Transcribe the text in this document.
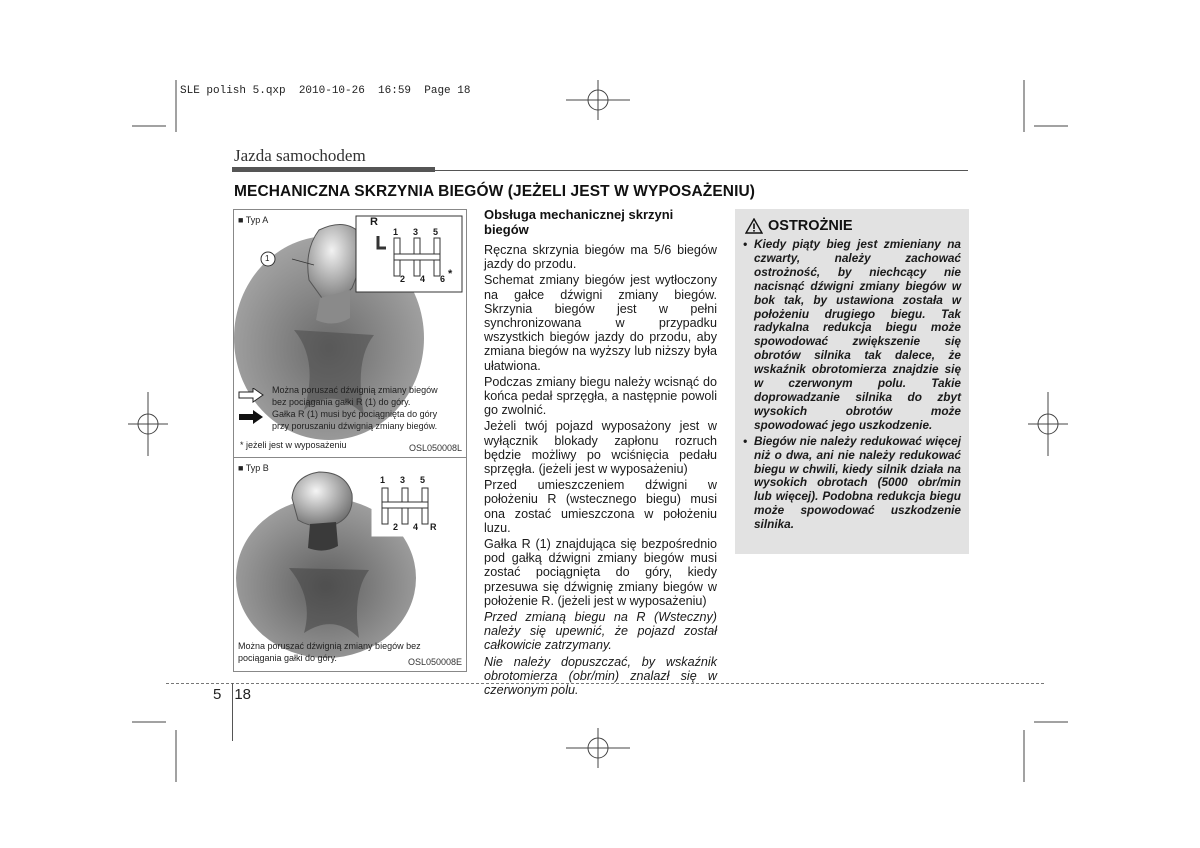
SLE polish 5.qxp  2010-10-26  16:59  Page 18
Jazda samochodem
MECHANICZNA SKRZYNIA BIEGÓW (JEŻELI JEST W WYPOSAŻENIU)
■ Typ A
1
R
1 3 5
2 4 6 *
Można poruszać dźwignią zmiany biegów
bez pociągania gałki R (1) do góry.
Gałka R (1) musi być pociągnięta do góry
przy poruszaniu dźwignią zmiany biegów.
* jeżeli jest w wyposażeniu	OSL050008L
■ Typ B
1 3 5
2 4 R
Można poruszać dźwignią zmiany biegów bez
pociągania gałki do góry.	OSL050008E
Obsługa mechanicznej skrzyni biegów

Ręczna skrzynia biegów ma 5/6 biegów jazdy do przodu.

Schemat zmiany biegów jest wytłoczony na gałce dźwigni zmiany biegów. Skrzynia biegów jest w pełni synchronizowana w przypadku wszystkich biegów jazdy do przodu, aby zmiana biegów na wyższy lub niższy była ułatwiona.

Podczas zmiany biegu należy wcisnąć do końca pedał sprzęgła, a następnie powoli go zwolnić.

Jeżeli twój pojazd wyposażony jest w wyłącznik blokady zapłonu rozruch będzie możliwy po wciśnięcia pedału sprzęgła. (jeżeli jest w wyposażeniu)

Przed umieszczeniem dźwigni w położeniu R (wstecznego biegu) musi ona zostać umieszczona w położeniu luzu.

Gałka R (1) znajdująca się bezpośrednio pod gałką dźwigni zmiany biegów musi zostać pociągnięta do góry, kiedy przesuwa się dźwignię zmiany biegów w położenie R. (jeżeli jest w wyposażeniu)

Przed zmianą biegu na R (Wsteczny) należy się upewnić, że pojazd został całkowicie zatrzymany.

Nie należy dopuszczać, by wskaźnik obrotomierza (obr/min) znalazł się w czerwonym polu.

OSTROŻNIE
• Kiedy piąty bieg jest zmieniany na czwarty, należy zachować ostrożność, by niechcący nie nacisnąć dźwigni zmiany biegów w bok tak, by ustawiona została w położeniu drugiego biegu. Tak radykalna redukcja biegu może spowodować zwiększenie się obrotów silnika tak dalece, że wskaźnik obrotomierza znajdzie się w czerwonym polu. Takie doprowadzanie silnika do zbyt wysokich obrotów może spowodować jego uszkodzenie.
• Biegów nie należy redukować więcej niż o dwa, ani nie należy redukować biegu w chwili, kiedy silnik działa na wysokich obrotach (5000 obr/min lub więcej). Podobna redukcja biegu może spowodować uszkodzenie silnika.
5 18
